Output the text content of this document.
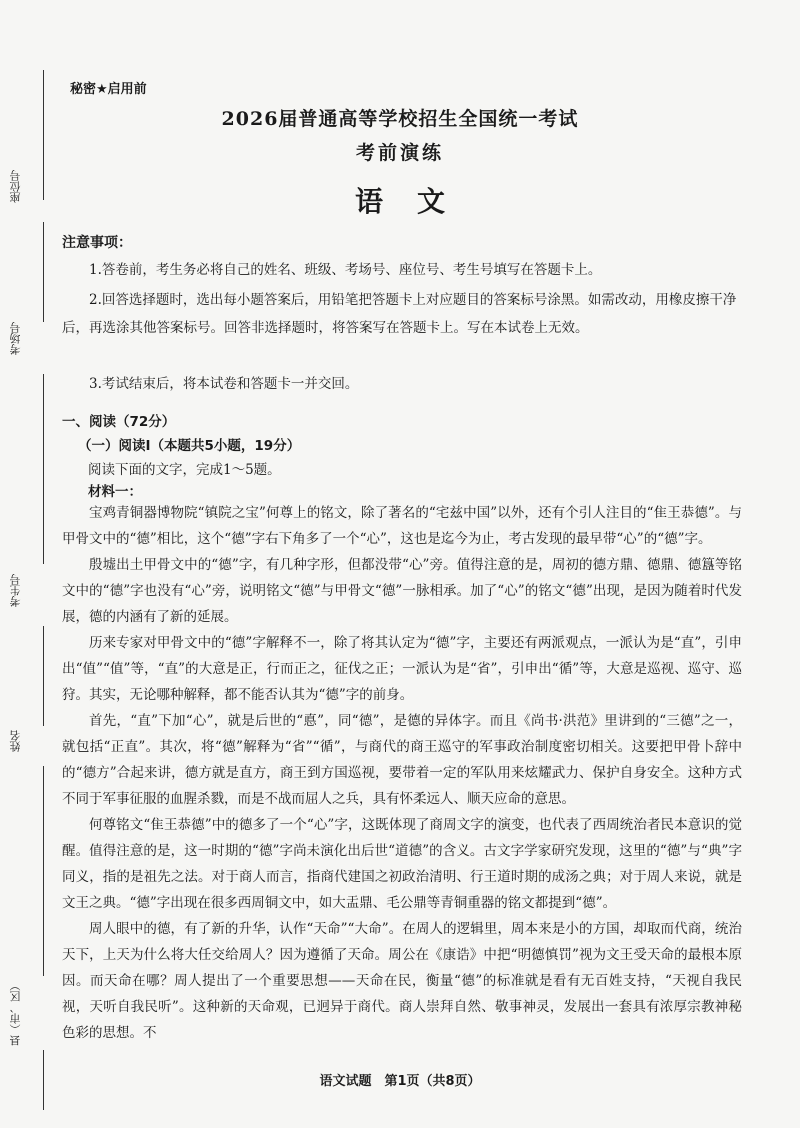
座位号
考场号
考生号
姓名
县（市、区）
秘密★启用前
2026届普通高等学校招生全国统一考试
考前演练
语文
注意事项：
1.答卷前，考生务必将自己的姓名、班级、考场号、座位号、考生号填写在答题卡上。
2.回答选择题时，选出每小题答案后，用铅笔把答题卡上对应题目的答案标号涂黑。如需改动，用橡皮擦干净后，再选涂其他答案标号。回答非选择题时，将答案写在答题卡上。写在本试卷上无效。
3.考试结束后，将本试卷和答题卡一并交回。
一、阅读（72分）
（一）阅读Ⅰ（本题共5小题，19分）
阅读下面的文字，完成1～5题。
材料一：

宝鸡青铜器博物院“镇院之宝”何尊上的铭文，除了著名的“宅兹中国”以外，还有个引人注目的“隹王恭德”。与甲骨文中的“德”相比，这个“德”字右下角多了一个“心”，这也是迄今为止，考古发现的最早带“心”的“德”字。

殷墟出土甲骨文中的“德”字，有几种字形，但都没带“心”旁。值得注意的是，周初的德方鼎、德鼎、德簋等铭文中的“德”字也没有“心”旁，说明铭文“德”与甲骨文“德”一脉相承。加了“心”的铭文“德”出现，是因为随着时代发展，德的内涵有了新的延展。

历来专家对甲骨文中的“德”字解释不一，除了将其认定为“德”字，主要还有两派观点，一派认为是“直”，引申出“值”“值”等，“直”的大意是正，行而正之，征伐之正；一派认为是“省”，引申出“循”等，大意是巡视、巡守、巡狩。其实，无论哪种解释，都不能否认其为“德”字的前身。

首先，“直”下加“心”，就是后世的“悳”，同“德”，是德的异体字。而且《尚书·洪范》里讲到的“三德”之一，就包括“正直”。其次，将“德”解释为“省”“循”，与商代的商王巡守的军事政治制度密切相关。这要把甲骨卜辞中的“德方”合起来讲，德方就是直方，商王到方国巡视，要带着一定的军队用来炫耀武力、保护自身安全。这种方式不同于军事征服的血腥杀戮，而是不战而屈人之兵，具有怀柔远人、顺天应命的意思。

何尊铭文“隹王恭德”中的德多了一个“心”字，这既体现了商周文字的演变，也代表了西周统治者民本意识的觉醒。值得注意的是，这一时期的“德”字尚未演化出后世“道德”的含义。古文字学家研究发现，这里的“德”与“典”字同义，指的是祖先之法。对于商人而言，指商代建国之初政治清明、行王道时期的成汤之典；对于周人来说，就是文王之典。“德”字出现在很多西周铜文中，如大盂鼎、毛公鼎等青铜重器的铭文都提到“德”。

周人眼中的德，有了新的升华，认作“天命”“大命”。在周人的逻辑里，周本来是小的方国，却取而代商，统治天下，上天为什么将大任交给周人？因为遵循了天命。周公在《康诰》中把“明德慎罚”视为文王受天命的最根本原因。而天命在哪？周人提出了一个重要思想——天命在民，衡量“德”的标准就是看有无百姓支持，“天视自我民视，天听自我民听”。这种新的天命观，已迥异于商代。商人崇拜自然、敬事神灵，发展出一套具有浓厚宗教神秘色彩的思想。不

语文试题　第1页（共8页）
